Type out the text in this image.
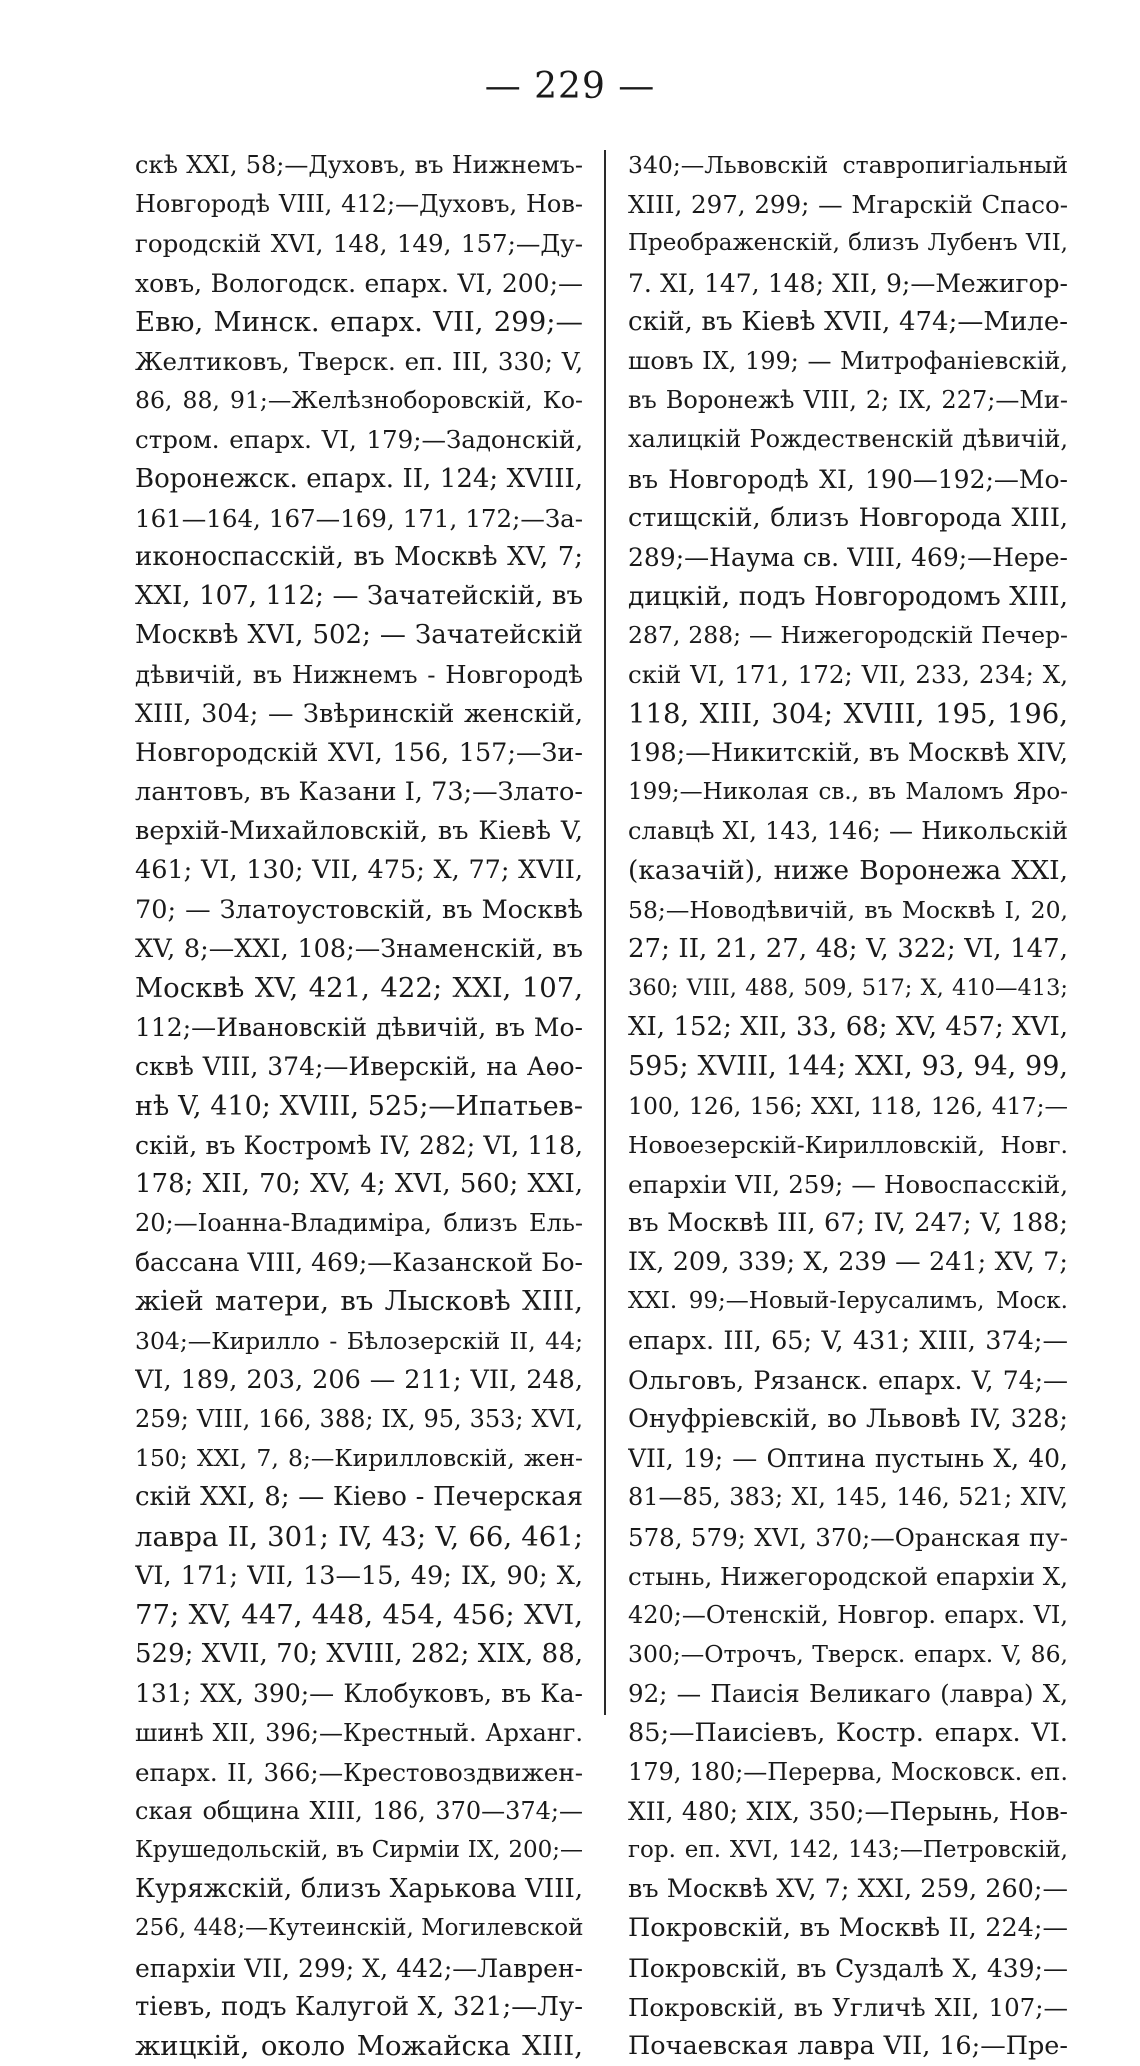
— 229 —
скѣ XXI, 58;—Духовъ, въ Нижнемъ-
Новгородѣ VIII, 412;—Духовъ, Нов-
городскій XVI, 148, 149, 157;—Ду-
ховъ, Вологодск. епарх. VI, 200;—
Евю, Минск. епарх. VII, 299;—
Желтиковъ, Тверск. еп. III, 330; V,
86, 88, 91;—Желѣзноборовскій, Ко-
стром. епарх. VI, 179;—Задонскій,
Воронежск. епарх. II, 124; XVIII,
161—164, 167—169, 171, 172;—За-
иконоспасскій, въ Москвѣ XV, 7;
XXI, 107, 112; — Зачатейскій, въ
Москвѣ XVI, 502; — Зачатейскій
дѣвичій, въ Нижнемъ - Новгородѣ
XIII, 304; — Звѣринскій женскій,
Новгородскій XVI, 156, 157;—Зи-
лантовъ, въ Казани I, 73;—Злато-
верхій-Михайловскій, въ Кіевѣ V,
461; VI, 130; VII, 475; X, 77; XVII,
70; — Златоустовскій, въ Москвѣ
XV, 8;—XXI, 108;—Знаменскій, въ
Москвѣ XV, 421, 422; XXI, 107,
112;—Ивановскій дѣвичій, въ Мо-
сквѣ VIII, 374;—Иверскій, на Аѳо-
нѣ V, 410; XVIII, 525;—Ипатьев-
скій, въ Костромѣ IV, 282; VI, 118,
178; XII, 70; XV, 4; XVI, 560; XXI,
20;—Іоанна-Владиміра, близъ Ель-
бассана VIII, 469;—Казанской Бо-
жіей матери, въ Лысковѣ XIII,
304;—Кирилло - Бѣлозерскій II, 44;
VI, 189, 203, 206 — 211; VII, 248,
259; VIII, 166, 388; IX, 95, 353; XVI,
150; XXI, 7, 8;—Кирилловскій, жен-
скій XXI, 8; — Кіево - Печерская
лавра II, 301; IV, 43; V, 66, 461;
VI, 171; VII, 13—15, 49; IX, 90; X,
77; XV, 447, 448, 454, 456; XVI,
529; XVII, 70; XVIII, 282; XIX, 88,
131; XX, 390;— Клобуковъ, въ Ка-
шинѣ XII, 396;—Крестный. Арханг.
епарх. II, 366;—Крестовоздвижен-
ская община XIII, 186, 370—374;—
Крушедольскій, въ Сирміи IX, 200;—
Куряжскій, близъ Харькова VIII,
256, 448;—Кутеинскій, Могилевской
епархіи VII, 299; X, 442;—Лаврен-
тіевъ, подъ Калугой X, 321;—Лу-
жицкій, около Можайска XIII,
340;—Львовскій ставропигіальный
XIII, 297, 299; — Мгарскій Спасо-
Преображенскій, близъ Лубенъ VII,
7. XI, 147, 148; XII, 9;—Межигор-
скій, въ Кіевѣ XVII, 474;—Миле-
шовъ IX, 199; — Митрофаніевскій,
въ Воронежѣ VIII, 2; IX, 227;—Ми-
халицкій Рождественскій дѣвичій,
въ Новгородѣ XI, 190—192;—Мо-
стищскій, близъ Новгорода XIII,
289;—Наума св. VIII, 469;—Нере-
дицкій, подъ Новгородомъ XIII,
287, 288; — Нижегородскій Печер-
скій VI, 171, 172; VII, 233, 234; X,
118, XIII, 304; XVIII, 195, 196,
198;—Никитскій, въ Москвѣ XIV,
199;—Николая св., въ Маломъ Яро-
славцѣ XI, 143, 146; — Никольскій
(казачій), ниже Воронежа XXI,
58;—Новодѣвичій, въ Москвѣ I, 20,
27; II, 21, 27, 48; V, 322; VI, 147,
360; VIII, 488, 509, 517; X, 410—413;
XI, 152; XII, 33, 68; XV, 457; XVI,
595; XVIII, 144; XXI, 93, 94, 99,
100, 126, 156; XXI, 118, 126, 417;—
Новоезерскій-Кирилловскій, Новг.
епархіи VII, 259; — Новоспасскій,
въ Москвѣ III, 67; IV, 247; V, 188;
IX, 209, 339; X, 239 — 241; XV, 7;
XXI. 99;—Новый-Іерусалимъ, Моск.
епарх. III, 65; V, 431; XIII, 374;—
Ольговъ, Рязанск. епарх. V, 74;—
Онуфріевскій, во Львовѣ IV, 328;
VII, 19; — Оптина пустынь X, 40,
81—85, 383; XI, 145, 146, 521; XIV,
578, 579; XVI, 370;—Оранская пу-
стынь, Нижегородской епархіи X,
420;—Отенскій, Новгор. епарх. VI,
300;—Отрочъ, Тверск. епарх. V, 86,
92; — Паисія Великаго (лавра) X,
85;—Паисіевъ, Костр. епарх. VI.
179, 180;—Перерва, Московск. еп.
XII, 480; XIX, 350;—Перынь, Нов-
гор. еп. XVI, 142, 143;—Петровскій,
въ Москвѣ XV, 7; XXI, 259, 260;—
Покровскій, въ Москвѣ II, 224;—
Покровскій, въ Суздалѣ X, 439;—
Покровскій, въ Угличѣ XII, 107;—
Почаевская лавра VII, 16;—Пре-
